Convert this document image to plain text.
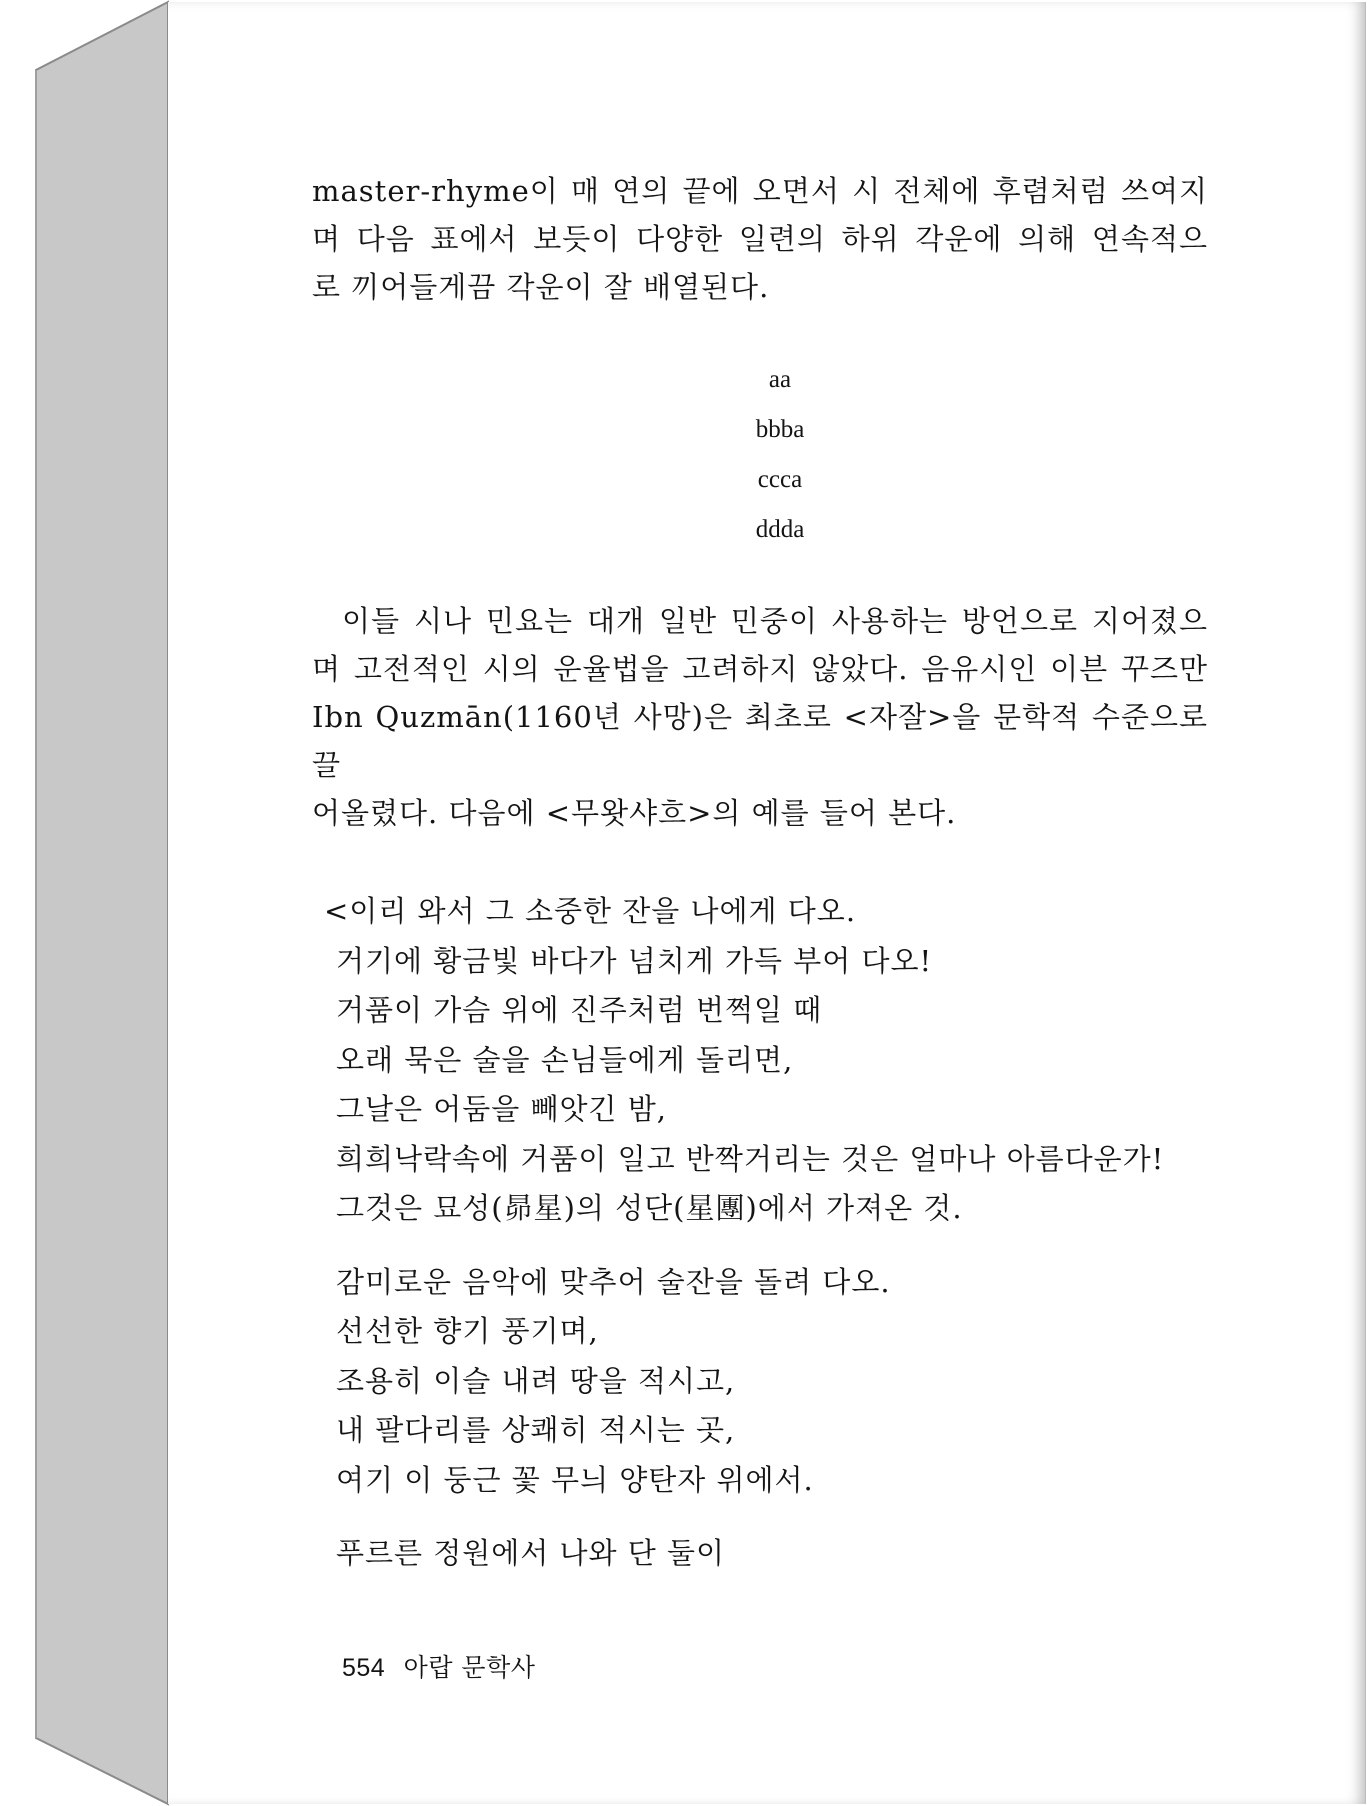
master-rhyme이 매 연의 끝에 오면서 시 전체에 후렴처럼 쓰여지
며 다음 표에서 보듯이 다양한 일련의 하위 각운에 의해 연속적으
로 끼어들게끔 각운이 잘 배열된다.

aa
bbba
ccca
ddda

이들 시나 민요는 대개 일반 민중이 사용하는 방언으로 지어졌으
며 고전적인 시의 운율법을 고려하지 않았다. 음유시인 이븐 꾸즈만
Ibn Quzmān(1160년 사망)은 최초로 <자잘>을 문학적 수준으로 끌
어올렸다. 다음에 <무왓샤흐>의 예를 들어 본다.

<이리 와서 그 소중한 잔을 나에게 다오.
거기에 황금빛 바다가 넘치게 가득 부어 다오!
거품이 가슴 위에 진주처럼 번쩍일 때
오래 묵은 술을 손님들에게 돌리면,
그날은 어둠을 빼앗긴 밤,
희희낙락속에 거품이 일고 반짝거리는 것은 얼마나 아름다운가!
그것은 묘성(昴星)의 성단(星團)에서 가져온 것.
감미로운 음악에 맞추어 술잔을 돌려 다오.
선선한 향기 풍기며,
조용히 이슬 내려 땅을 적시고,
내 팔다리를 상쾌히 적시는 곳,
여기 이 둥근 꽃 무늬 양탄자 위에서.
푸르른 정원에서 나와 단 둘이
554 아랍 문학사
